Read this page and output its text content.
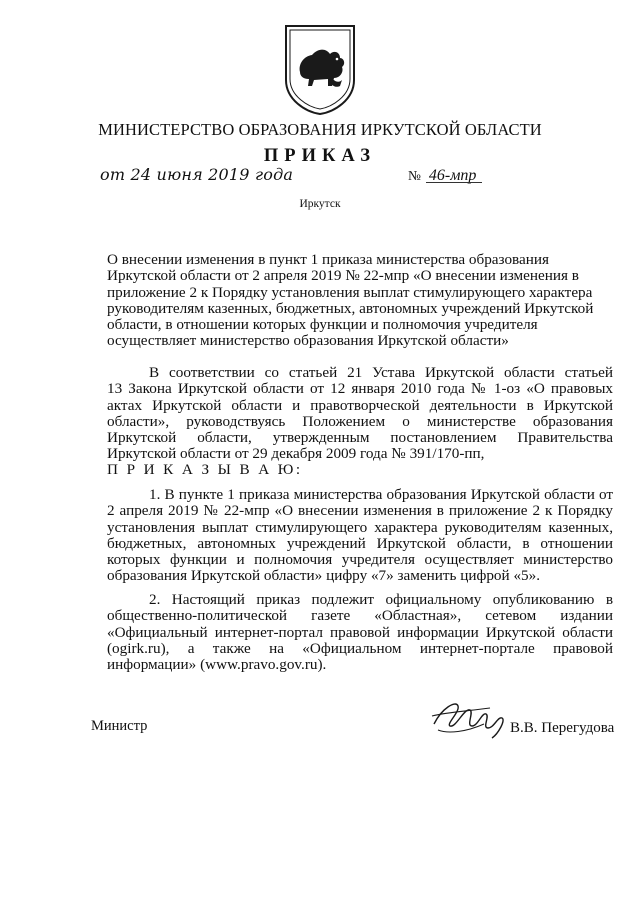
МИНИСТЕРСТВО ОБРАЗОВАНИЯ ИРКУТСКОЙ ОБЛАСТИ
ПРИКАЗ
от 24 июня 2019 года	№ 46-мпр
Иркутск
О внесении изменения в пункт 1 приказа министерства образования
Иркутской области от 2 апреля 2019 № 22-мпр «О внесении изменения в
приложение 2 к Порядку установления выплат стимулирующего характера
руководителям казенных, бюджетных, автономных учреждений Иркутской
области, в отношении которых функции и полномочия учредителя
осуществляет министерство образования Иркутской области»
В соответствии со статьей 21 Устава Иркутской области статьей
13 Закона Иркутской области от 12 января 2010 года № 1-оз «О правовых
актах Иркутской области и правотворческой деятельности в Иркутской
области», руководствуясь Положением о министерстве образования
Иркутской области, утвержденным постановлением Правительства
Иркутской области от 29 декабря 2009 года № 391/170-пп,
П Р И К А З Ы В А Ю:
1. В пункте 1 приказа министерства образования Иркутской области от
2 апреля 2019 № 22-мпр «О внесении изменения в приложение 2 к Порядку
установления выплат стимулирующего характера руководителям казенных,
бюджетных, автономных учреждений Иркутской области, в отношении
которых функции и полномочия учредителя осуществляет министерство
образования Иркутской области» цифру «7» заменить цифрой «5».
2. Настоящий приказ подлежит официальному опубликованию в
общественно-политической газете «Областная», сетевом издании
«Официальный интернет-портал правовой информации Иркутской области
(ogirk.ru), а также на «Официальном интернет-портале правовой
информации» (www.pravo.gov.ru).
Министр	В.В. Перегудова
